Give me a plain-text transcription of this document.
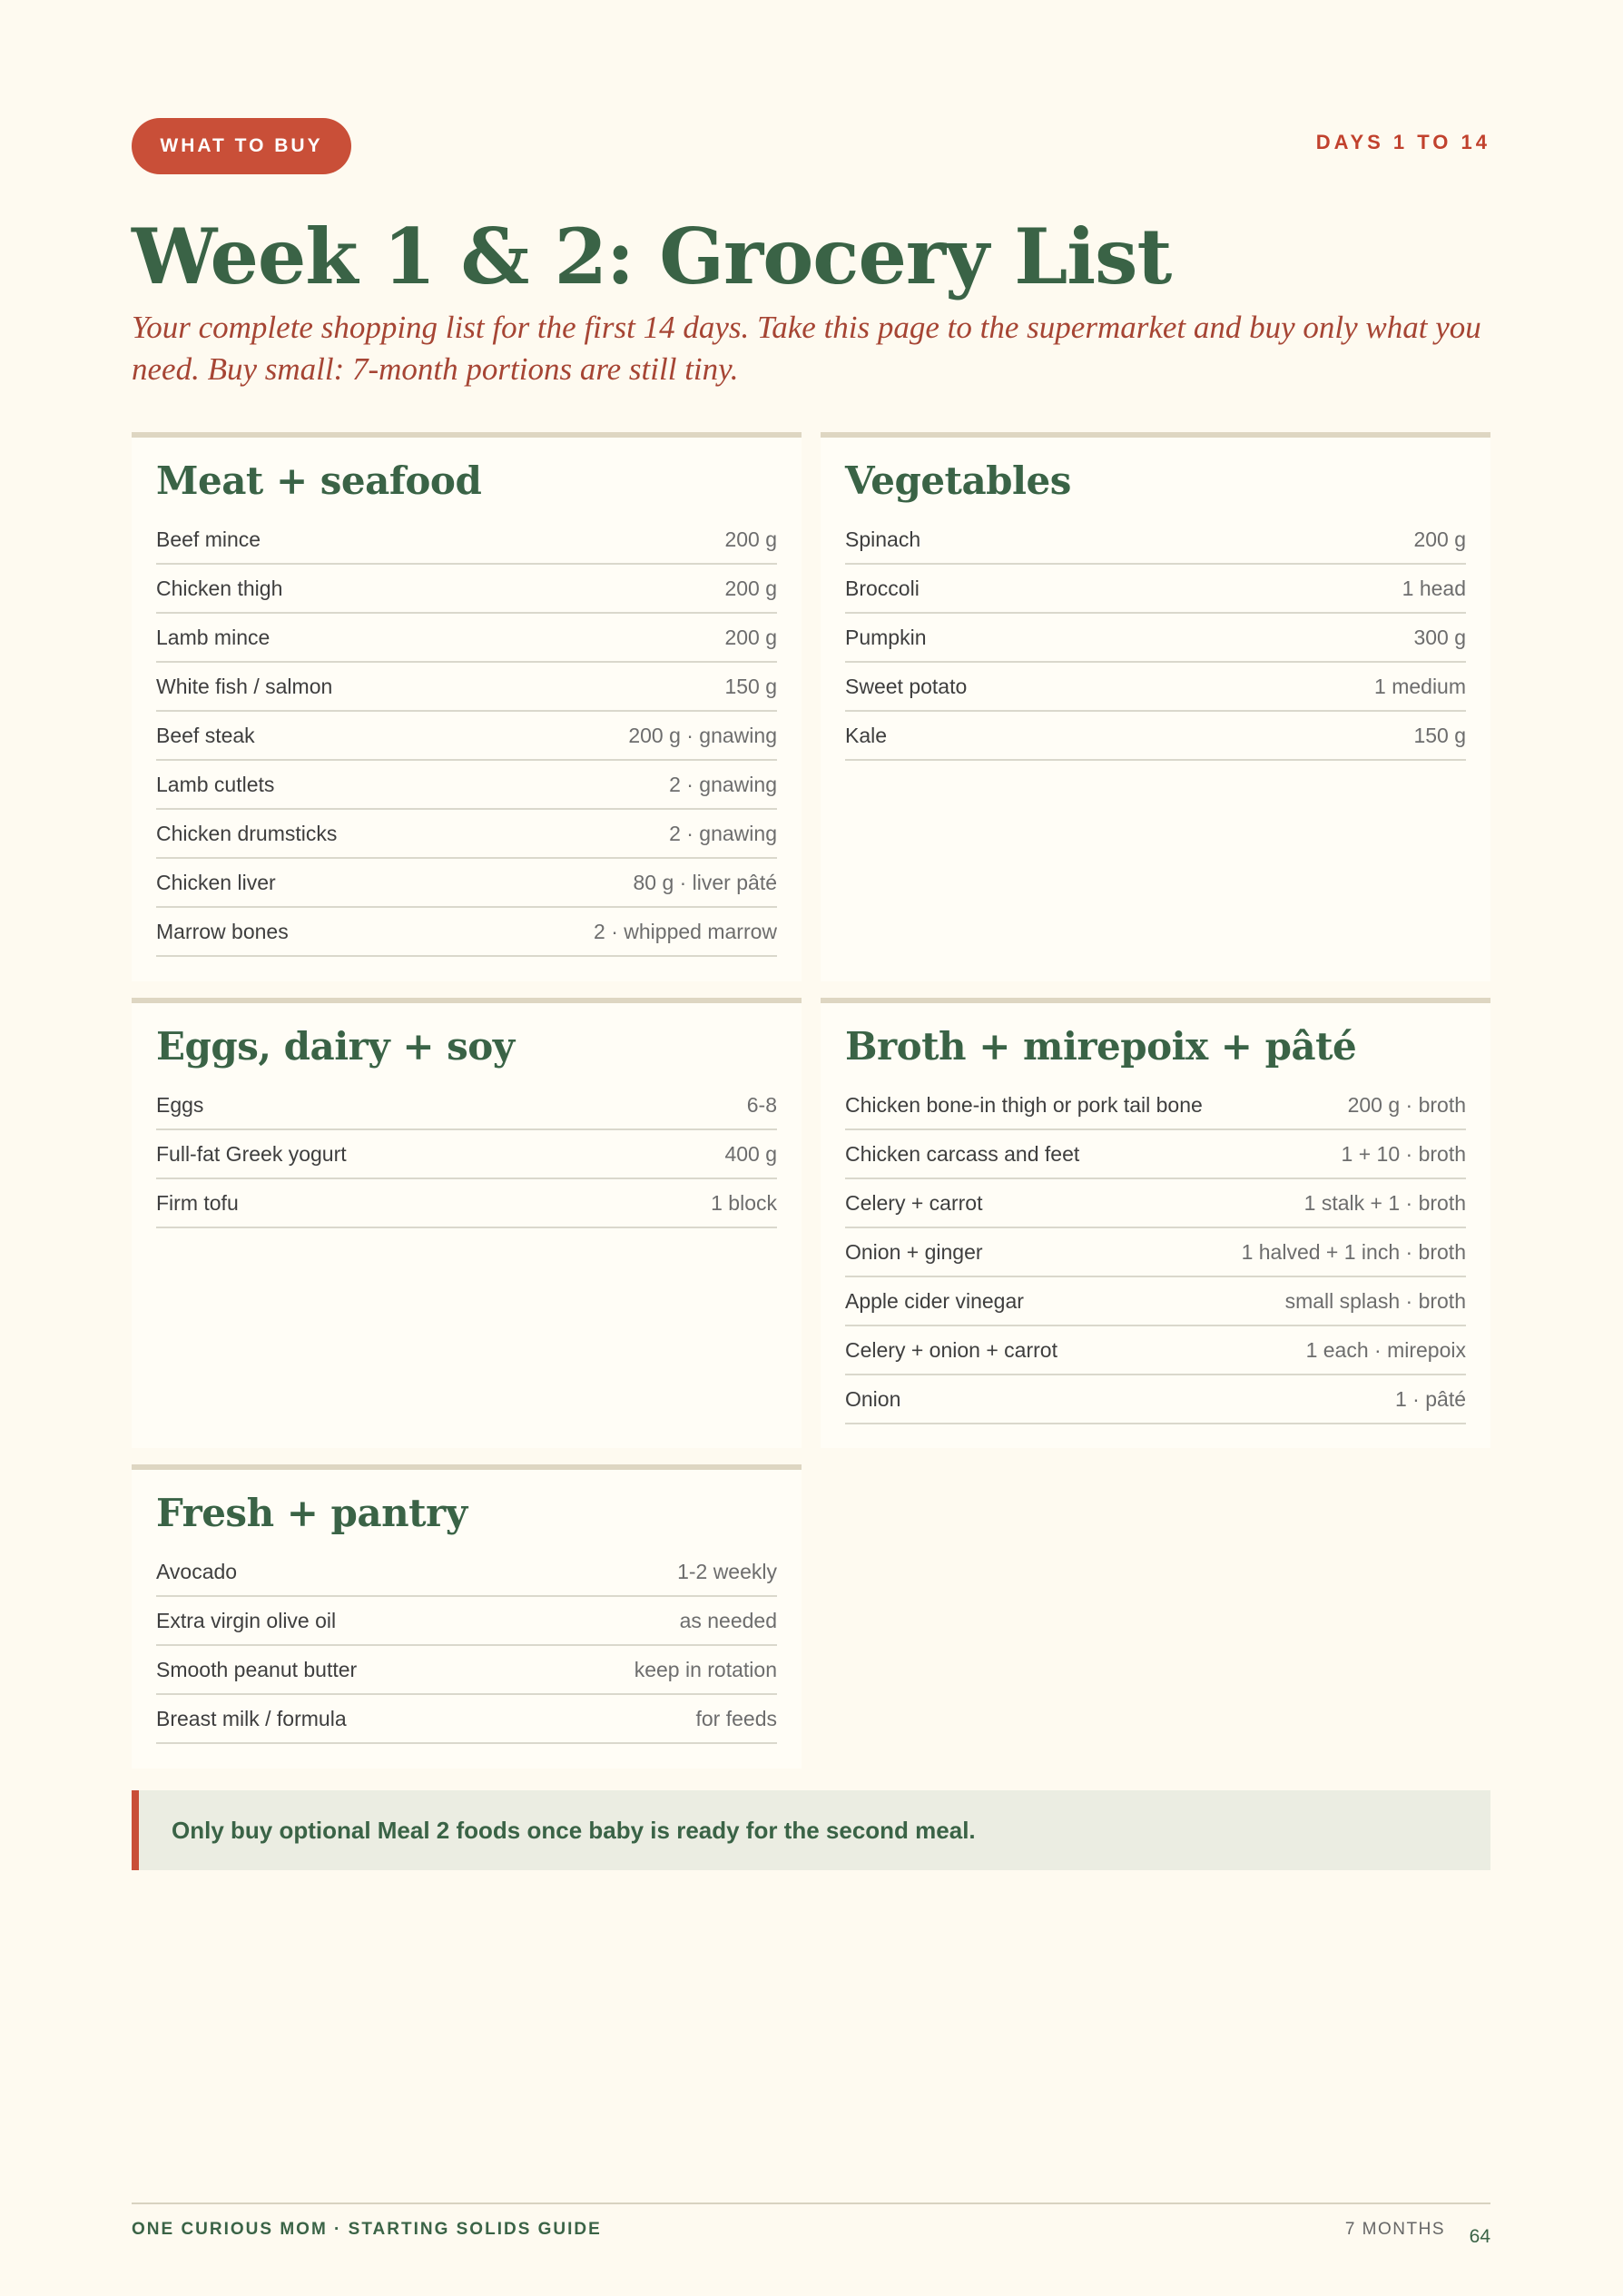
WHAT TO BUY	DAYS 1 TO 14
Week 1 & 2: Grocery List

Your complete shopping list for the first 14 days. Take this page to the supermarket and buy only what you need. Buy small: 7-month portions are still tiny.

Meat + seafood
Beef mince	200 g
Chicken thigh	200 g
Lamb mince	200 g
White fish / salmon	150 g
Beef steak	200 g · gnawing
Lamb cutlets	2 · gnawing
Chicken drumsticks	2 · gnawing
Chicken liver	80 g · liver pâté
Marrow bones	2 · whipped marrow
Vegetables
Spinach	200 g
Broccoli	1 head
Pumpkin	300 g
Sweet potato	1 medium
Kale	150 g
Eggs, dairy + soy
Eggs	6-8
Full-fat Greek yogurt	400 g
Firm tofu	1 block
Broth + mirepoix + pâté
Chicken bone-in thigh or pork tail bone	200 g · broth
Chicken carcass and feet	1 + 10 · broth
Celery + carrot	1 stalk + 1 · broth
Onion + ginger	1 halved + 1 inch · broth
Apple cider vinegar	small splash · broth
Celery + onion + carrot	1 each · mirepoix
Onion	1 · pâté
Fresh + pantry
Avocado	1-2 weekly
Extra virgin olive oil	as needed
Smooth peanut butter	keep in rotation
Breast milk / formula	for feeds
Only buy optional Meal 2 foods once baby is ready for the second meal.
ONE CURIOUS MOM · STARTING SOLIDS GUIDE	7 MONTHS 64
